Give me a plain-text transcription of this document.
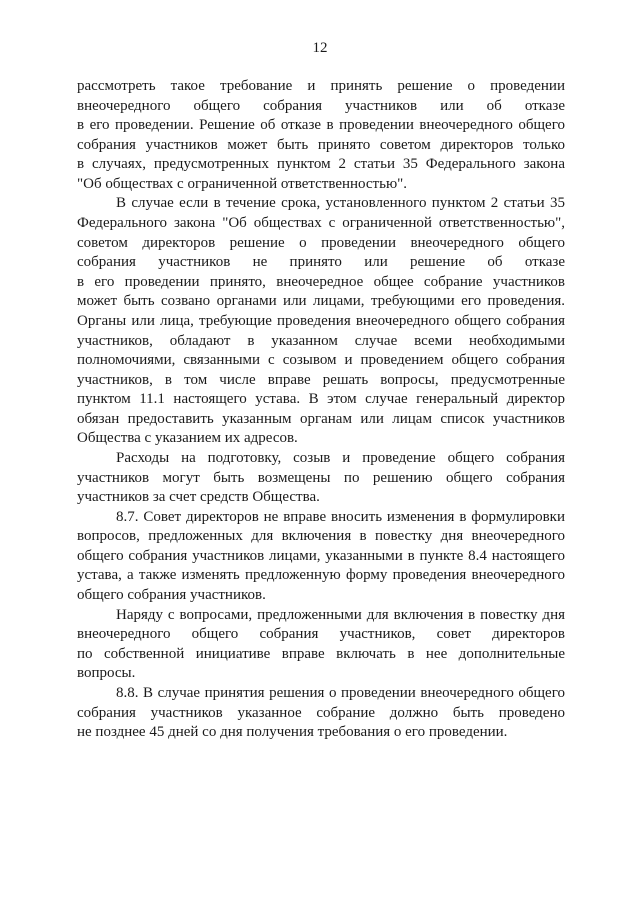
12
рассмотреть такое требование и принять решение о проведении
внеочередного общего собрания участников или об отказе
в его проведении. Решение об отказе в проведении внеочередного общего
собрания участников может быть принято советом директоров только
в случаях, предусмотренных пунктом 2 статьи 35 Федерального закона
"Об обществах с ограниченной ответственностью".
В случае если в течение срока, установленного пунктом 2 статьи 35
Федерального закона "Об обществах с ограниченной ответственностью",
советом директоров решение о проведении внеочередного общего
собрания участников не принято или решение об отказе
в его проведении принято, внеочередное общее собрание участников
может быть созвано органами или лицами, требующими его проведения.
Органы или лица, требующие проведения внеочередного общего собрания
участников, обладают в указанном случае всеми необходимыми
полномочиями, связанными с созывом и проведением общего собрания
участников, в том числе вправе решать вопросы, предусмотренные
пунктом 11.1 настоящего устава. В этом случае генеральный директор
обязан предоставить указанным органам или лицам список участников
Общества с указанием их адресов.
Расходы на подготовку, созыв и проведение общего собрания
участников могут быть возмещены по решению общего собрания
участников за счет средств Общества.
8.7. Совет директоров не вправе вносить изменения в формулировки
вопросов, предложенных для включения в повестку дня внеочередного
общего собрания участников лицами, указанными в пункте 8.4 настоящего
устава, а также изменять предложенную форму проведения внеочередного
общего собрания участников.
Наряду с вопросами, предложенными для включения в повестку дня
внеочередного общего собрания участников, совет директоров
по собственной инициативе вправе включать в нее дополнительные
вопросы.
8.8. В случае принятия решения о проведении внеочередного общего
собрания участников указанное собрание должно быть проведено
не позднее 45 дней со дня получения требования о его проведении.
